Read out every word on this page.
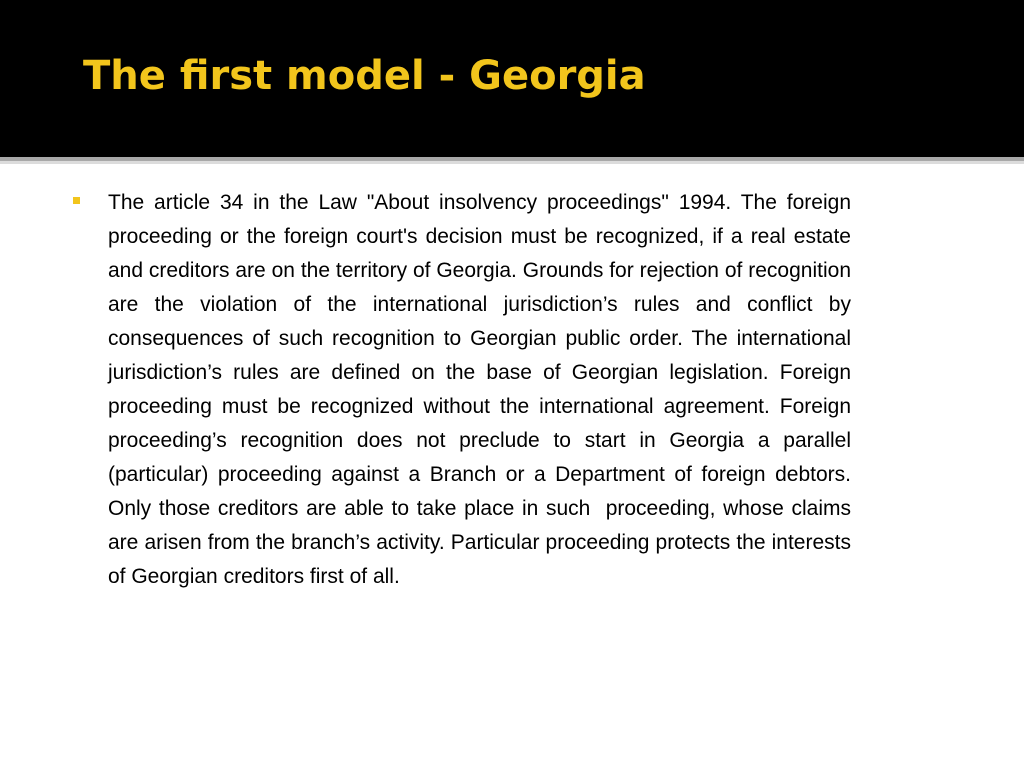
The first model - Georgia

The article 34 in the Law "About insolvency proceedings" 1994. The foreign proceeding or the foreign court's decision must be recognized, if a real estate and creditors are on the territory of Georgia. Grounds for rejection of recognition are the violation of the international jurisdiction’s rules and conflict by consequences of such recognition to Georgian public order. The international jurisdiction’s rules are defined on the base of Georgian legislation. Foreign proceeding must be recognized without the international agreement. Foreign proceeding’s recognition does not preclude to start in Georgia a parallel (particular) proceeding against a Branch or a Department of foreign debtors. Only those creditors are able to take place in such  proceeding, whose claims are arisen from the branch’s activity. Particular proceeding protects the interests of Georgian creditors first of all.
